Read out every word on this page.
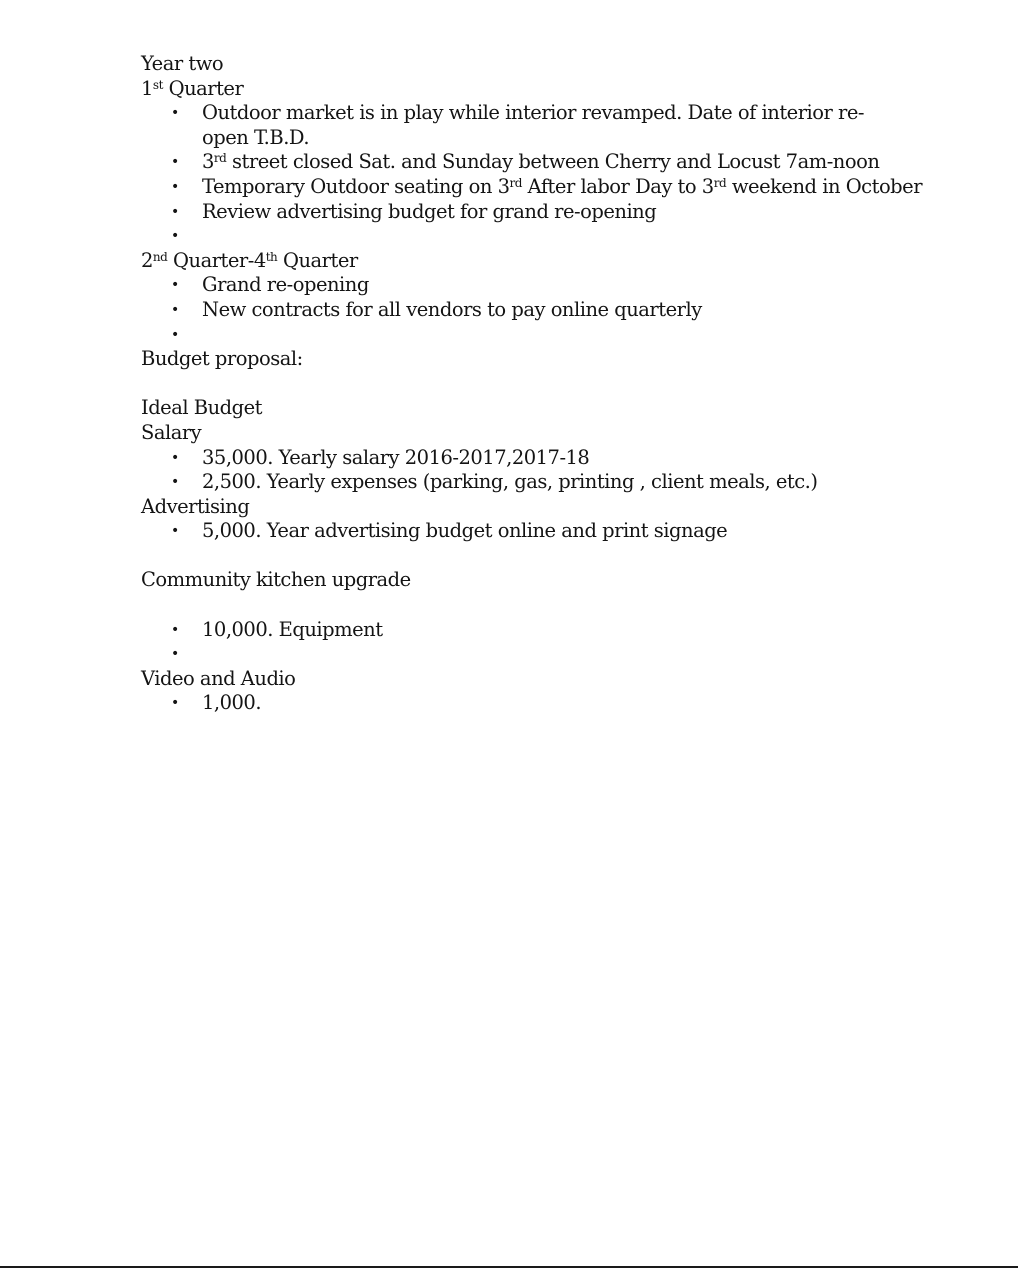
Year two
1st Quarter
• Outdoor market is in play while interior revamped. Date of interior re-open T.B.D.
• 3rd street closed Sat. and Sunday between Cherry and Locust 7am-noon
• Temporary Outdoor seating on 3rd After labor Day to 3rd weekend in October
• Review advertising budget for grand re-opening
•

2nd Quarter-4th Quarter
• Grand re-opening
• New contracts for all vendors to pay online quarterly
•

Budget proposal:
Ideal Budget
Salary
• 35,000. Yearly salary 2016-2017,2017-18
• 2,500. Yearly expenses (parking, gas, printing , client meals, etc.)
Advertising
• 5,000. Year advertising budget online and print signage
Community kitchen upgrade
• 10,000. Equipment
•

Video and Audio
• 1,000.
